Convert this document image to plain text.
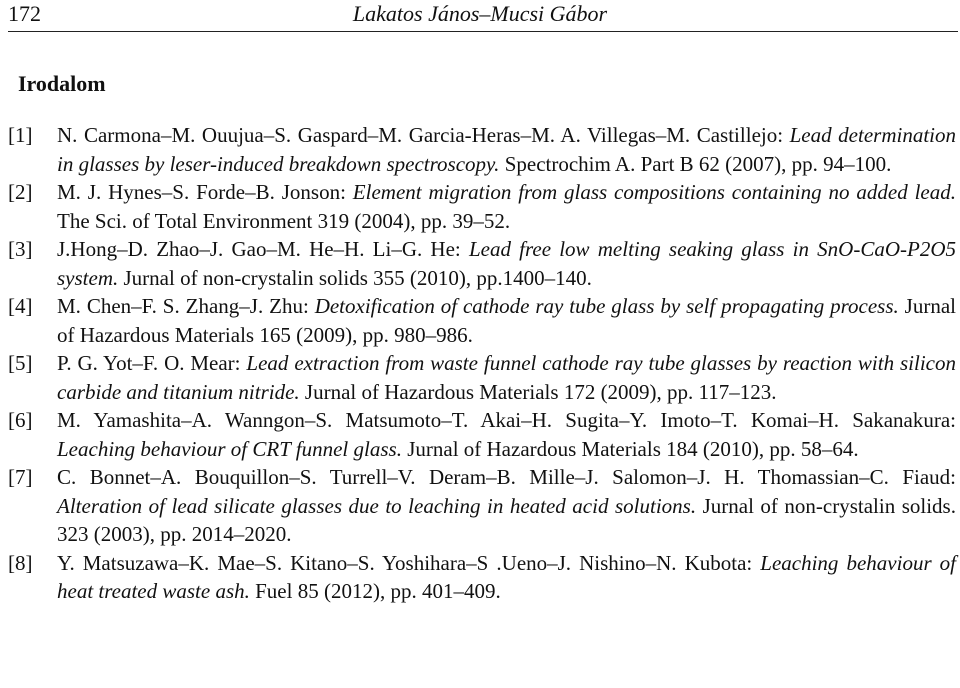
172	Lakatos János–Mucsi Gábor
Irodalom
[1] N. Carmona–M. Ouujua–S. Gaspard–M. Garcia-Heras–M. A. Villegas–M. Castillejo: Lead determination in glasses by leser-induced breakdown spectroscopy. Spectrochim A. Part B 62 (2007), pp. 94–100.
[2] M. J. Hynes–S. Forde–B. Jonson: Element migration from glass compositions containing no added lead. The Sci. of Total Environment 319 (2004), pp. 39–52.
[3] J.Hong–D. Zhao–J. Gao–M. He–H. Li–G. He: Lead free low melting seaking glass in SnO-CaO-P2O5 system. Jurnal of non-crystalin solids 355 (2010), pp.1400–140.
[4] M. Chen–F. S. Zhang–J. Zhu: Detoxification of cathode ray tube glass by self propagating process. Jurnal of Hazardous Materials 165 (2009), pp. 980–986.
[5] P. G. Yot–F. O. Mear: Lead extraction from waste funnel cathode ray tube glasses by reaction with silicon carbide and titanium nitride. Jurnal of Hazardous Materials 172 (2009), pp. 117–123.
[6] M. Yamashita–A. Wanngon–S. Matsumoto–T. Akai–H. Sugita–Y. Imoto–T. Komai–H. Sakanakura: Leaching behaviour of CRT funnel glass. Jurnal of Hazardous Materials 184 (2010), pp. 58–64.
[7] C. Bonnet–A. Bouquillon–S. Turrell–V. Deram–B. Mille–J. Salomon–J. H. Thomassian–C. Fiaud: Alteration of lead silicate glasses due to leaching in heated acid solutions. Jurnal of non-crystalin solids. 323 (2003), pp. 2014–2020.
[8] Y. Matsuzawa–K. Mae–S. Kitano–S. Yoshihara–S .Ueno–J. Nishino–N. Kubota: Leaching behaviour of heat treated waste ash. Fuel 85 (2012), pp. 401–409.
